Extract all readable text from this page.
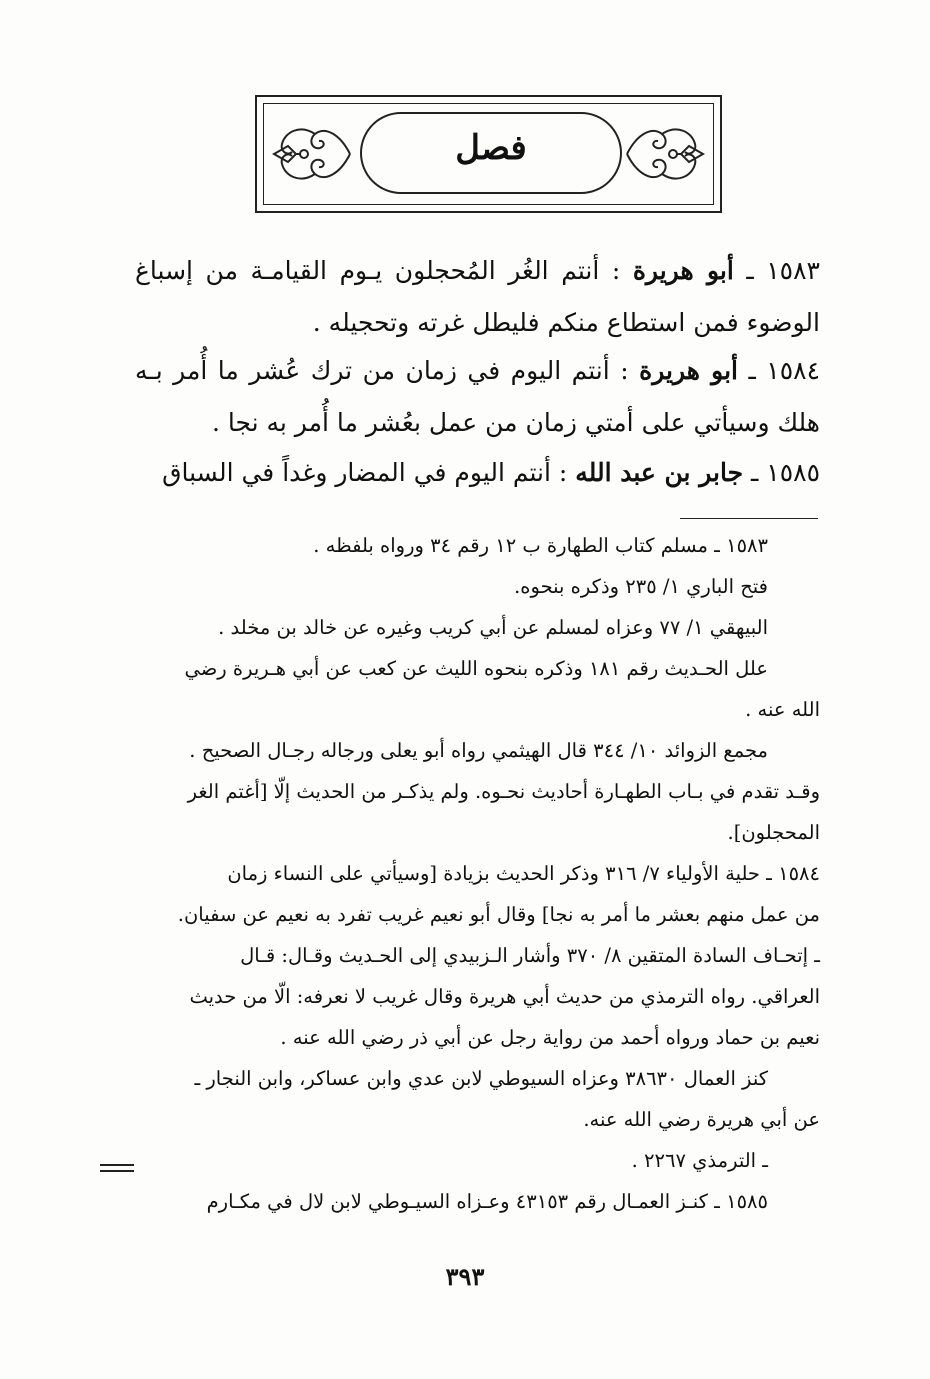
فصل
١٥٨٣ ـ أبو هريرة : أنتم الغُر المُحجلون يـوم القيامـة من إسباغ الوضوء فمن استطاع منكم فليطل غرته وتحجيله .
١٥٨٤ ـ أبو هريرة : أنتم اليوم في زمان من ترك عُشر ما أُمر بـه هلك وسيأتي على أمتي زمان من عمل بعُشر ما أُمر به نجا .
١٥٨٥ ـ جابر بن عبد الله : أنتم اليوم في المضار وغداً في السباق

١٥٨٣ ـ مسلم كتاب الطهارة ب ١٢ رقم ٣٤ ورواه بلفظه .

فتح الباري ١/ ٢٣٥ وذكره بنحوه.

البيهقي ١/ ٧٧ وعزاه لمسلم عن أبي كريب وغيره عن خالد بن مخلد .

علل الحـديث رقم ١٨١ وذكره بنحوه الليث عن كعب عن أبي هـريرة رضي

الله عنه .

مجمع الزوائد ١٠/ ٣٤٤ قال الهيثمي رواه أبو يعلى ورجاله رجـال الصحيح .

وقـد تقدم في بـاب الطهـارة أحاديث نحـوه. ولم يذكـر من الحديث إلّا [أغتم الغر

المحجلون].

١٥٨٤ ـ حلية الأولياء ٧/ ٣١٦ وذكر الحديث بزيادة [وسيأتي على النساء زمان

من عمل منهم بعشر ما أمر به نجا] وقال أبو نعيم غريب تفرد به نعيم عن سفيان.

ـ إتحـاف السادة المتقين ٨/ ٣٧٠ وأشار الـزبيدي إلى الحـديث وقـال: قـال

العراقي. رواه الترمذي من حديث أبي هريرة وقال غريب لا نعرفه: الّا من حديث

نعيم بن حماد ورواه أحمد من رواية رجل عن أبي ذر رضي الله عنه .

كنز العمال ٣٨٦٣٠ وعزاه السيوطي لابن عدي وابن عساكر، وابن النجار ـ

عن أبي هريرة رضي الله عنه.

ـ الترمذي ٢٢٦٧ .

١٥٨٥ ـ كنـز العمـال رقم ٤٣١٥٣ وعـزاه السيـوطي لابن لال في مكـارم

٣٩٣
